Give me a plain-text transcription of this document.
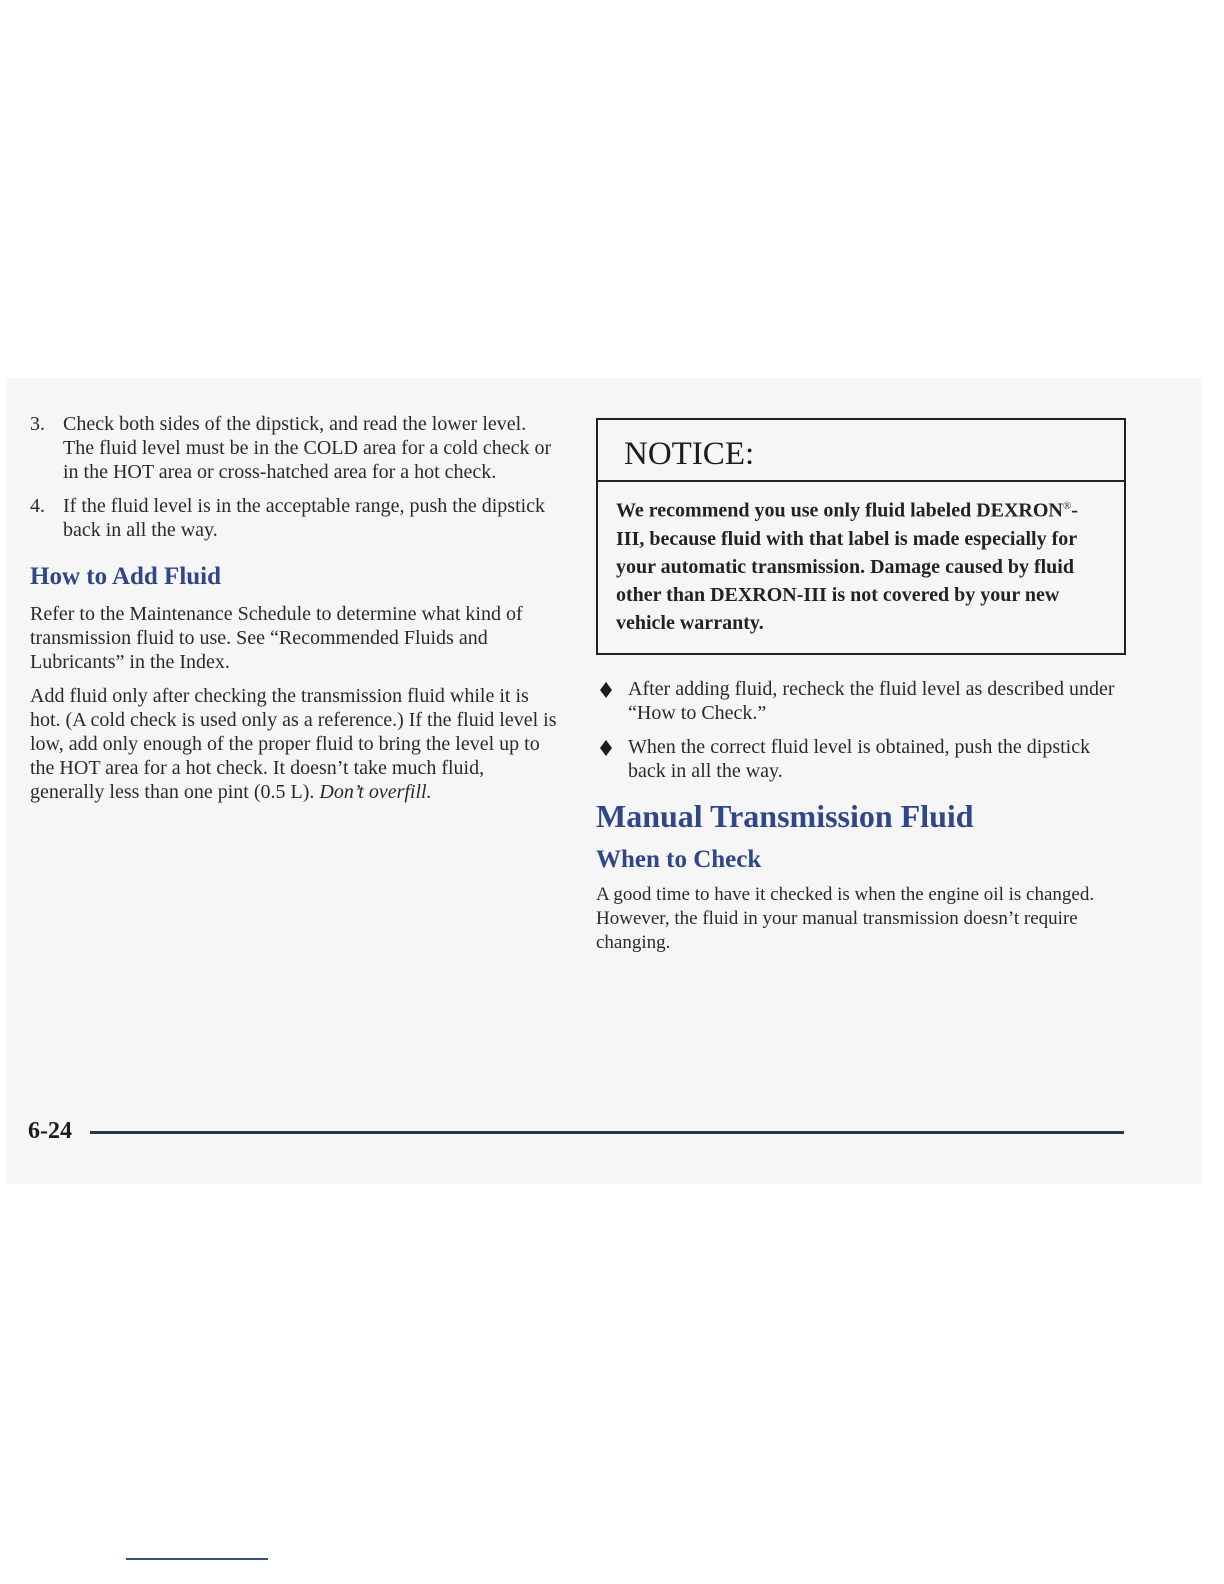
3. Check both sides of the dipstick, and read the lower level. The fluid level must be in the COLD area for a cold check or in the HOT area or cross-hatched area for a hot check.
4. If the fluid level is in the acceptable range, push the dipstick back in all the way.
How to Add Fluid

Refer to the Maintenance Schedule to determine what kind of transmission fluid to use. See “Recommended Fluids and Lubricants” in the Index.

Add fluid only after checking the transmission fluid while it is hot. (A cold check is used only as a reference.) If the fluid level is low, add only enough of the proper fluid to bring the level up to the HOT area for a hot check. It doesn’t take much fluid, generally less than one pint (0.5 L). Don’t overfill.

NOTICE:
We recommend you use only fluid labeled DEXRON®-III, because fluid with that label is made especially for your automatic transmission. Damage caused by fluid other than DEXRON-III is not covered by your new vehicle warranty.
After adding fluid, recheck the fluid level as described under “How to Check.”
When the correct fluid level is obtained, push the dipstick back in all the way.
Manual Transmission Fluid
When to Check

A good time to have it checked is when the engine oil is changed. However, the fluid in your manual transmission doesn’t require changing.

6-24
